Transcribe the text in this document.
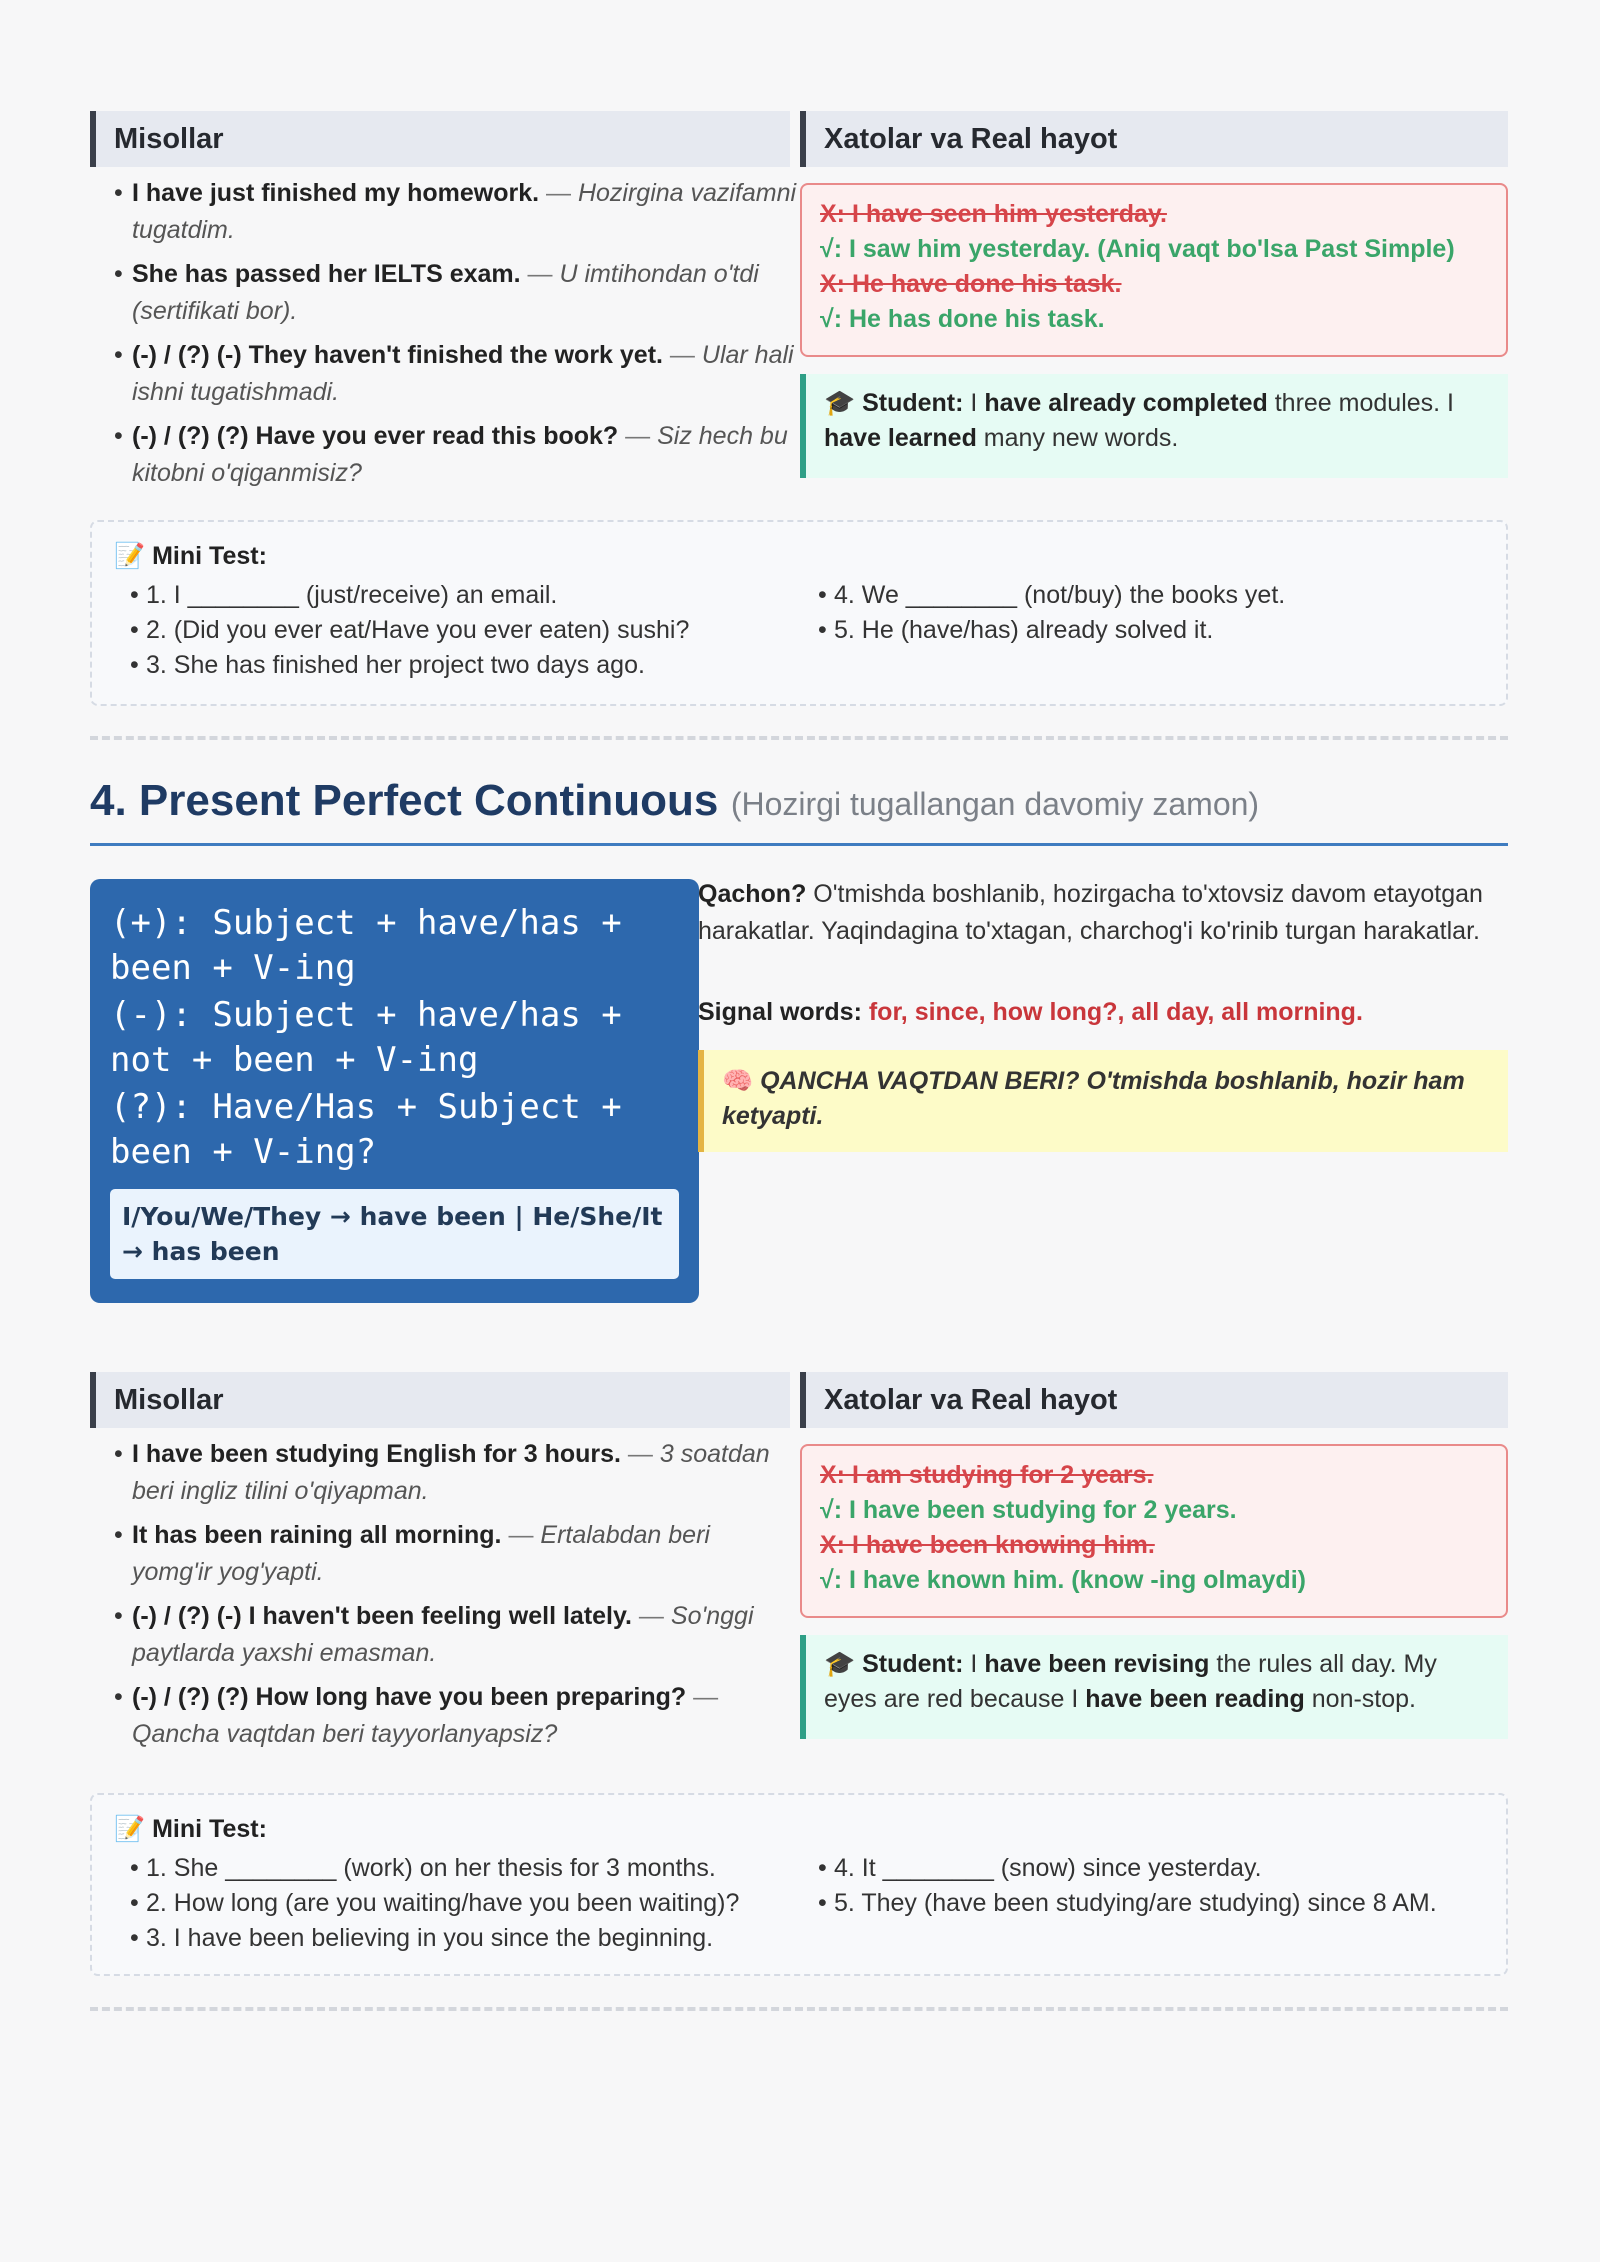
Misollar	Xatolar va Real hayot
• I have just finished my homework. — Hozirgina vazifamni tugatdim.
• She has passed her IELTS exam. — U imtihondan o'tdi (sertifikati bor).
• (-) / (?) (-) They haven't finished the work yet. — Ular hali ishni tugatishmadi.
• (-) / (?) (?) Have you ever read this book? — Siz hech bu kitobni o'qiganmisiz?
X: I have seen him yesterday.
√: I saw him yesterday. (Aniq vaqt bo'lsa Past Simple)
X: He have done his task.
√: He has done his task.
🎓 Student: I have already completed three modules. I have learned many new words.
📝 Mini Test:
• 1. I ________ (just/receive) an email.
• 2. (Did you ever eat/Have you ever eaten) sushi?
• 3. She has finished her project two days ago.
• 4. We ________ (not/buy) the books yet.
• 5. He (have/has) already solved it.
4. Present Perfect Continuous (Hozirgi tugallangan davomiy zamon)
(+): Subject + have/has + been + V-ing
(-): Subject + have/has + not + been + V-ing
(?): Have/Has + Subject + been + V-ing?
I/You/We/They → have been | He/She/It → has been
Qachon? O'tmishda boshlanib, hozirgacha to'xtovsiz davom etayotgan harakatlar. Yaqindagina to'xtagan, charchog'i ko'rinib turgan harakatlar.
Signal words: for, since, how long?, all day, all morning.
🧠 QANCHA VAQTDAN BERI? O'tmishda boshlanib, hozir ham ketyapti.
Misollar	Xatolar va Real hayot
• I have been studying English for 3 hours. — 3 soatdan beri ingliz tilini o'qiyapman.
• It has been raining all morning. — Ertalabdan beri yomg'ir yog'yapti.
• (-) / (?) (-) I haven't been feeling well lately. — So'nggi paytlarda yaxshi emasman.
• (-) / (?) (?) How long have you been preparing? — Qancha vaqtdan beri tayyorlanyapsiz?
X: I am studying for 2 years.
√: I have been studying for 2 years.
X: I have been knowing him.
√: I have known him. (know -ing olmaydi)
🎓 Student: I have been revising the rules all day. My eyes are red because I have been reading non-stop.
📝 Mini Test:
• 1. She ________ (work) on her thesis for 3 months.
• 2. How long (are you waiting/have you been waiting)?
• 3. I have been believing in you since the beginning.
• 4. It ________ (snow) since yesterday.
• 5. They (have been studying/are studying) since 8 AM.
